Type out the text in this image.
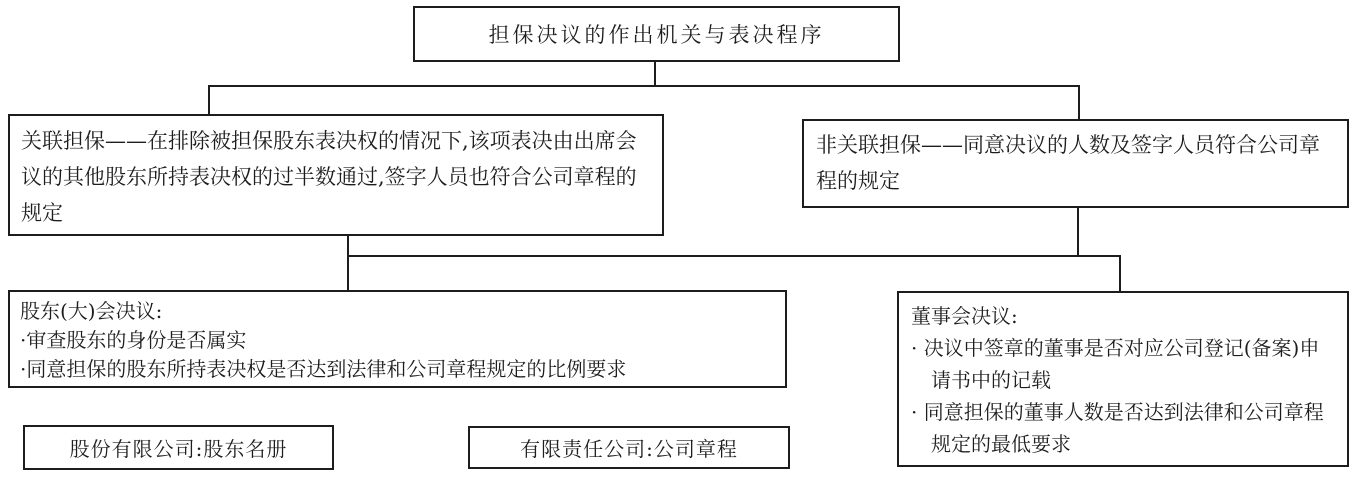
担保决议的作出机关与表决程序
关联担保——在排除被担保股东表决权的情况下,该项表决由出席会议的其他股东所持表决权的过半数通过,签字人员也符合公司章程的规定
非关联担保——同意决议的人数及签字人员符合公司章程的规定
股东(大)会决议:
·审查股东的身份是否属实
·同意担保的股东所持表决权是否达到法律和公司章程规定的比例要求
董事会决议:
· 决议中签章的董事是否对应公司登记(备案)申请书中的记载
· 同意担保的董事人数是否达到法律和公司章程规定的最低要求
股份有限公司:股东名册	有限责任公司:公司章程
